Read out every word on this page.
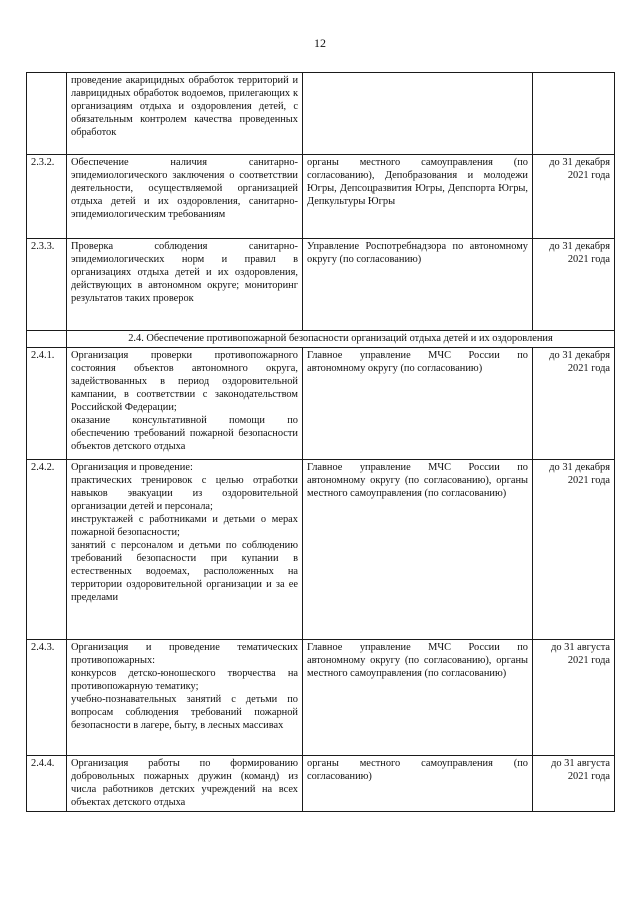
12

	проведение акарицидных обработок территорий и лаврицидных обработок водоемов, прилегающих к организациям отдыха и оздоровления детей, с обязательным контролем качества проведенных обработок		

2.3.2.	Обеспечение наличия санитарно-эпидемиологического заключения о соответствии деятельности, осуществляемой организацией отдыха детей и их оздоровления, санитарно-эпидемиологическим требованиям	органы местного самоуправления (по согласованию), Депобразования и молодежи Югры, Депсоцразвития Югры, Депспорта Югры, Депкультуры Югры	до 31 декабря 2021 года
2.3.3.	Проверка соблюдения санитарно-эпидемиологических норм и правил в организациях отдыха детей и их оздоровления, действующих в автономном округе; мониторинг результатов таких проверок	Управление Роспотребнадзора по автономному округу (по согласованию)	до 31 декабря 2021 года
	2.4. Обеспечение противопожарной безопасности организаций отдыха детей и их оздоровления		
2.4.1.	Организация проверки противопожарного состояния объектов автономного округа, задействованных в период оздоровительной кампании, в соответствии с законодательством Российской Федерации;
оказание консультативной помощи по обеспечению требований пожарной безопасности объектов детского отдыха	Главное управление МЧС России по автономному округу (по согласованию)	до 31 декабря 2021 года
2.4.2.	Организация и проведение:
практических тренировок с целью отработки навыков эвакуации из оздоровительной организации детей и персонала;
инструктажей с работниками и детьми о мерах пожарной безопасности;
занятий с персоналом и детьми по соблюдению требований безопасности при купании в естественных водоемах, расположенных на территории оздоровительной организации и за ее пределами	Главное управление МЧС России по автономному округу (по согласованию), органы местного самоуправления (по согласованию)	до 31 декабря 2021 года
2.4.3.	Организация и проведение тематических противопожарных:
конкурсов детско-юношеского творчества на противопожарную тематику;
учебно-познавательных занятий с детьми по вопросам соблюдения требований пожарной безопасности в лагере, быту, в лесных массивах	Главное управление МЧС России по автономному округу (по согласованию), органы местного самоуправления (по согласованию)	до 31 августа 2021 года
2.4.4.	Организация работы по формированию добровольных пожарных дружин (команд) из числа работников детских учреждений на всех объектах детского отдыха	органы местного самоуправления (по согласованию)	до 31 августа 2021 года
